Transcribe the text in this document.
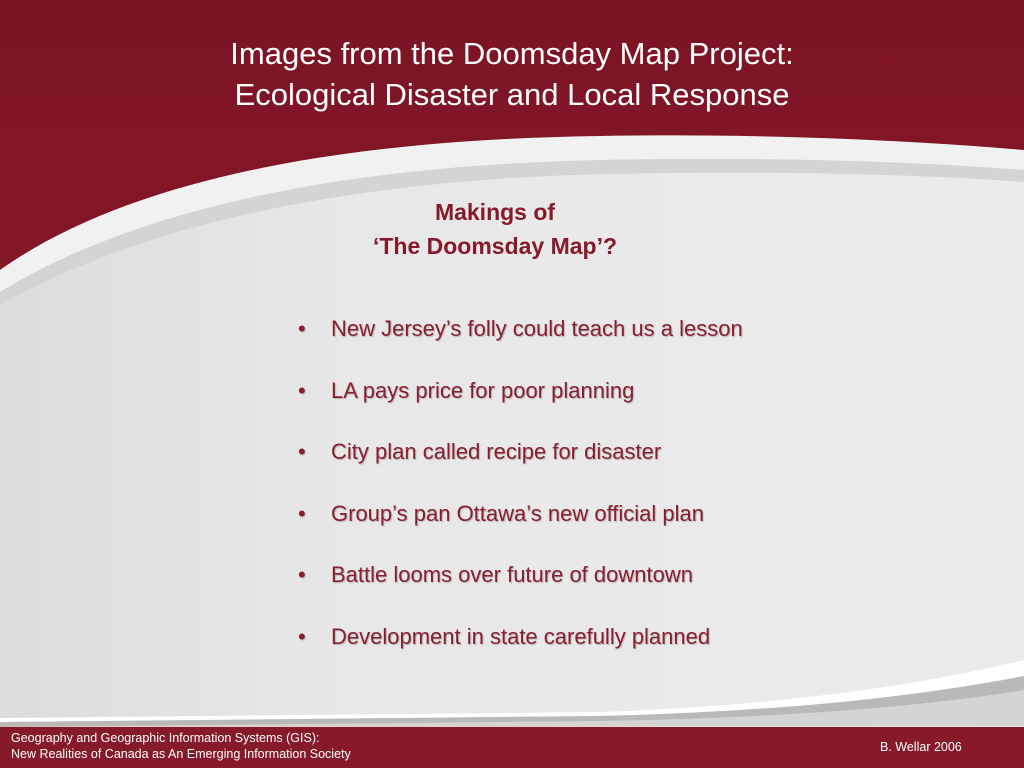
Images from the Doomsday Map Project:
Ecological Disaster and Local Response
Makings of
‘The Doomsday Map’?
•	New Jersey’s folly could teach us a lesson
•	LA pays price for poor planning
•	City plan called recipe for disaster
•	Group’s pan Ottawa’s new official plan
•	Battle looms over future of downtown
•	Development in state carefully planned
Geography and Geographic Information Systems (GIS):
New Realities of Canada as An Emerging Information Society	B. Wellar 2006
